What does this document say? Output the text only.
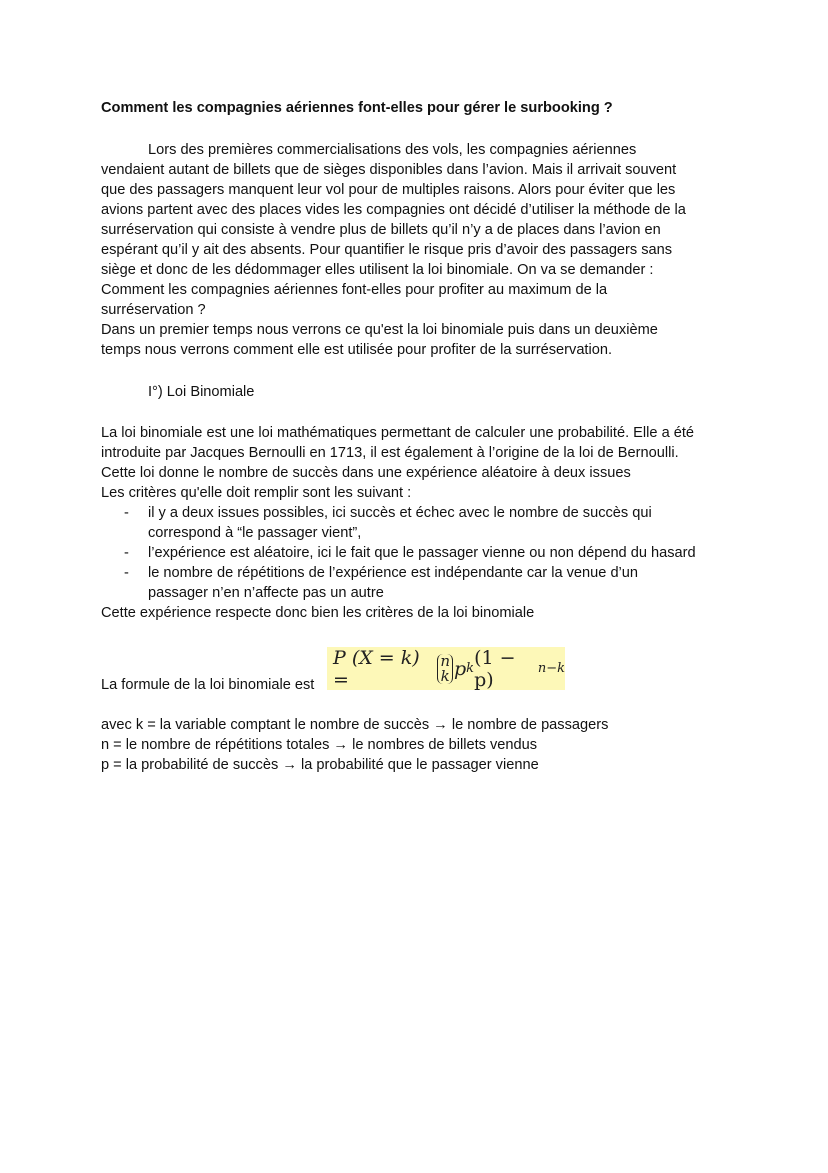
Comment les compagnies aériennes font-elles pour gérer le surbooking ?
Lors des premières commercialisations des vols, les compagnies aériennes
vendaient autant de billets que de sièges disponibles dans l’avion. Mais il arrivait souvent
que des passagers manquent leur vol pour de multiples raisons. Alors pour éviter que les
avions partent avec des places vides les compagnies ont décidé d’utiliser la méthode de la
surréservation qui consiste à vendre plus de billets qu’il n’y a de places dans l’avion en
espérant qu’il y ait des absents. Pour quantifier le risque pris d’avoir des passagers sans
siège et donc de les dédommager elles utilisent la loi binomiale. On va se demander :
Comment les compagnies aériennes font-elles pour profiter au maximum de la
surréservation ?
Dans un premier temps nous verrons ce qu'est la loi binomiale puis dans un deuxième
temps nous verrons comment elle est utilisée pour profiter de la surréservation.
I°) Loi Binomiale
La loi binomiale est une loi mathématiques permettant de calculer une probabilité. Elle a été
introduite par Jacques Bernoulli en 1713, il est également à l’origine de la loi de Bernoulli.
Cette loi donne le nombre de succès dans une expérience aléatoire à deux issues
Les critères qu'elle doit remplir sont les suivant :
- il y a deux issues possibles, ici succès et échec avec le nombre de succès qui
correspond à “le passager vient”,
- l’expérience est aléatoire, ici le fait que le passager vienne ou non dépend du hasard
- le nombre de répétitions de l’expérience est indépendante car la venue d’un
passager n’en n’affecte pas un autre
Cette expérience respecte donc bien les critères de la loi binomiale
La formule de la loi binomiale est
P (X = k) =
n
k p k (1 − p)	n−k
avec k = la variable comptant le nombre de succès → le nombre de passagers
n = le nombre de répétitions totales → le nombres de billets vendus
p = la probabilité de succès → la probabilité que le passager vienne
